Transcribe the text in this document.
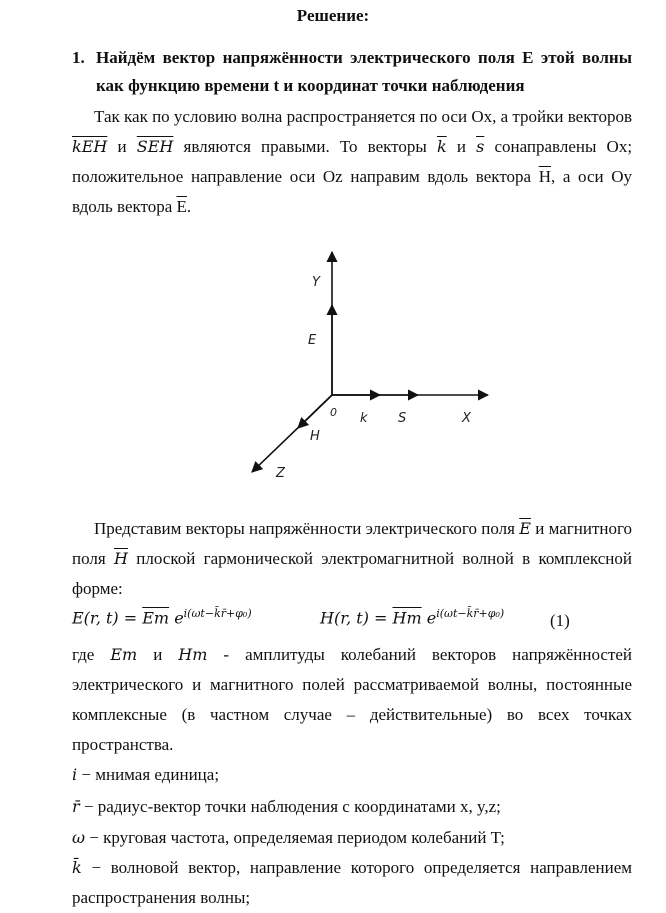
Решение:
1. Найдём вектор напряжённости электрического поля E этой волны как функцию времени t и координат точки наблюдения
Так как по условию волна распространяется по оси Ox, а тройки векторов $\overline{kEH}$ и $\overline{SEH}$ являются правыми. То векторы $\overline{k}$ и $\overline{s}$ сонаправлены Ox; положительное направление оси Oz направим вдоль вектора $\overline{H}$, а оси Oy вдоль вектора $\overline{E}$.
Y
E
0 k S	X
H
Z
Представим векторы напряжённости электрического поля $\overline{E}$ и магнитного поля $\overline{H}$ плоской гармонической электромагнитной волной в комплексной форме:
E(r, $t) = \overline{Em}$ $e^{i(\omega t-k̄r̄+\varphi_0)}$	H(r, $t) = \overline{Hm}$ $e^{i(\omega t-k̄r̄+\varphi_0)}$	(1)
где Em и Hm - амплитуды колебаний векторов напряжённостей электрического и магнитного полей рассматриваемой волны, постоянные комплексные (в частном случае – действительные) во всех точках пространства.
i − мнимая единица;
r̄ − радиус-вектор точки наблюдения с координатами x, y,z;
ω − круговая частота, определяемая периодом колебаний T;
k̄ − волновой вектор, направление которого определяется направлением распространения волны;
